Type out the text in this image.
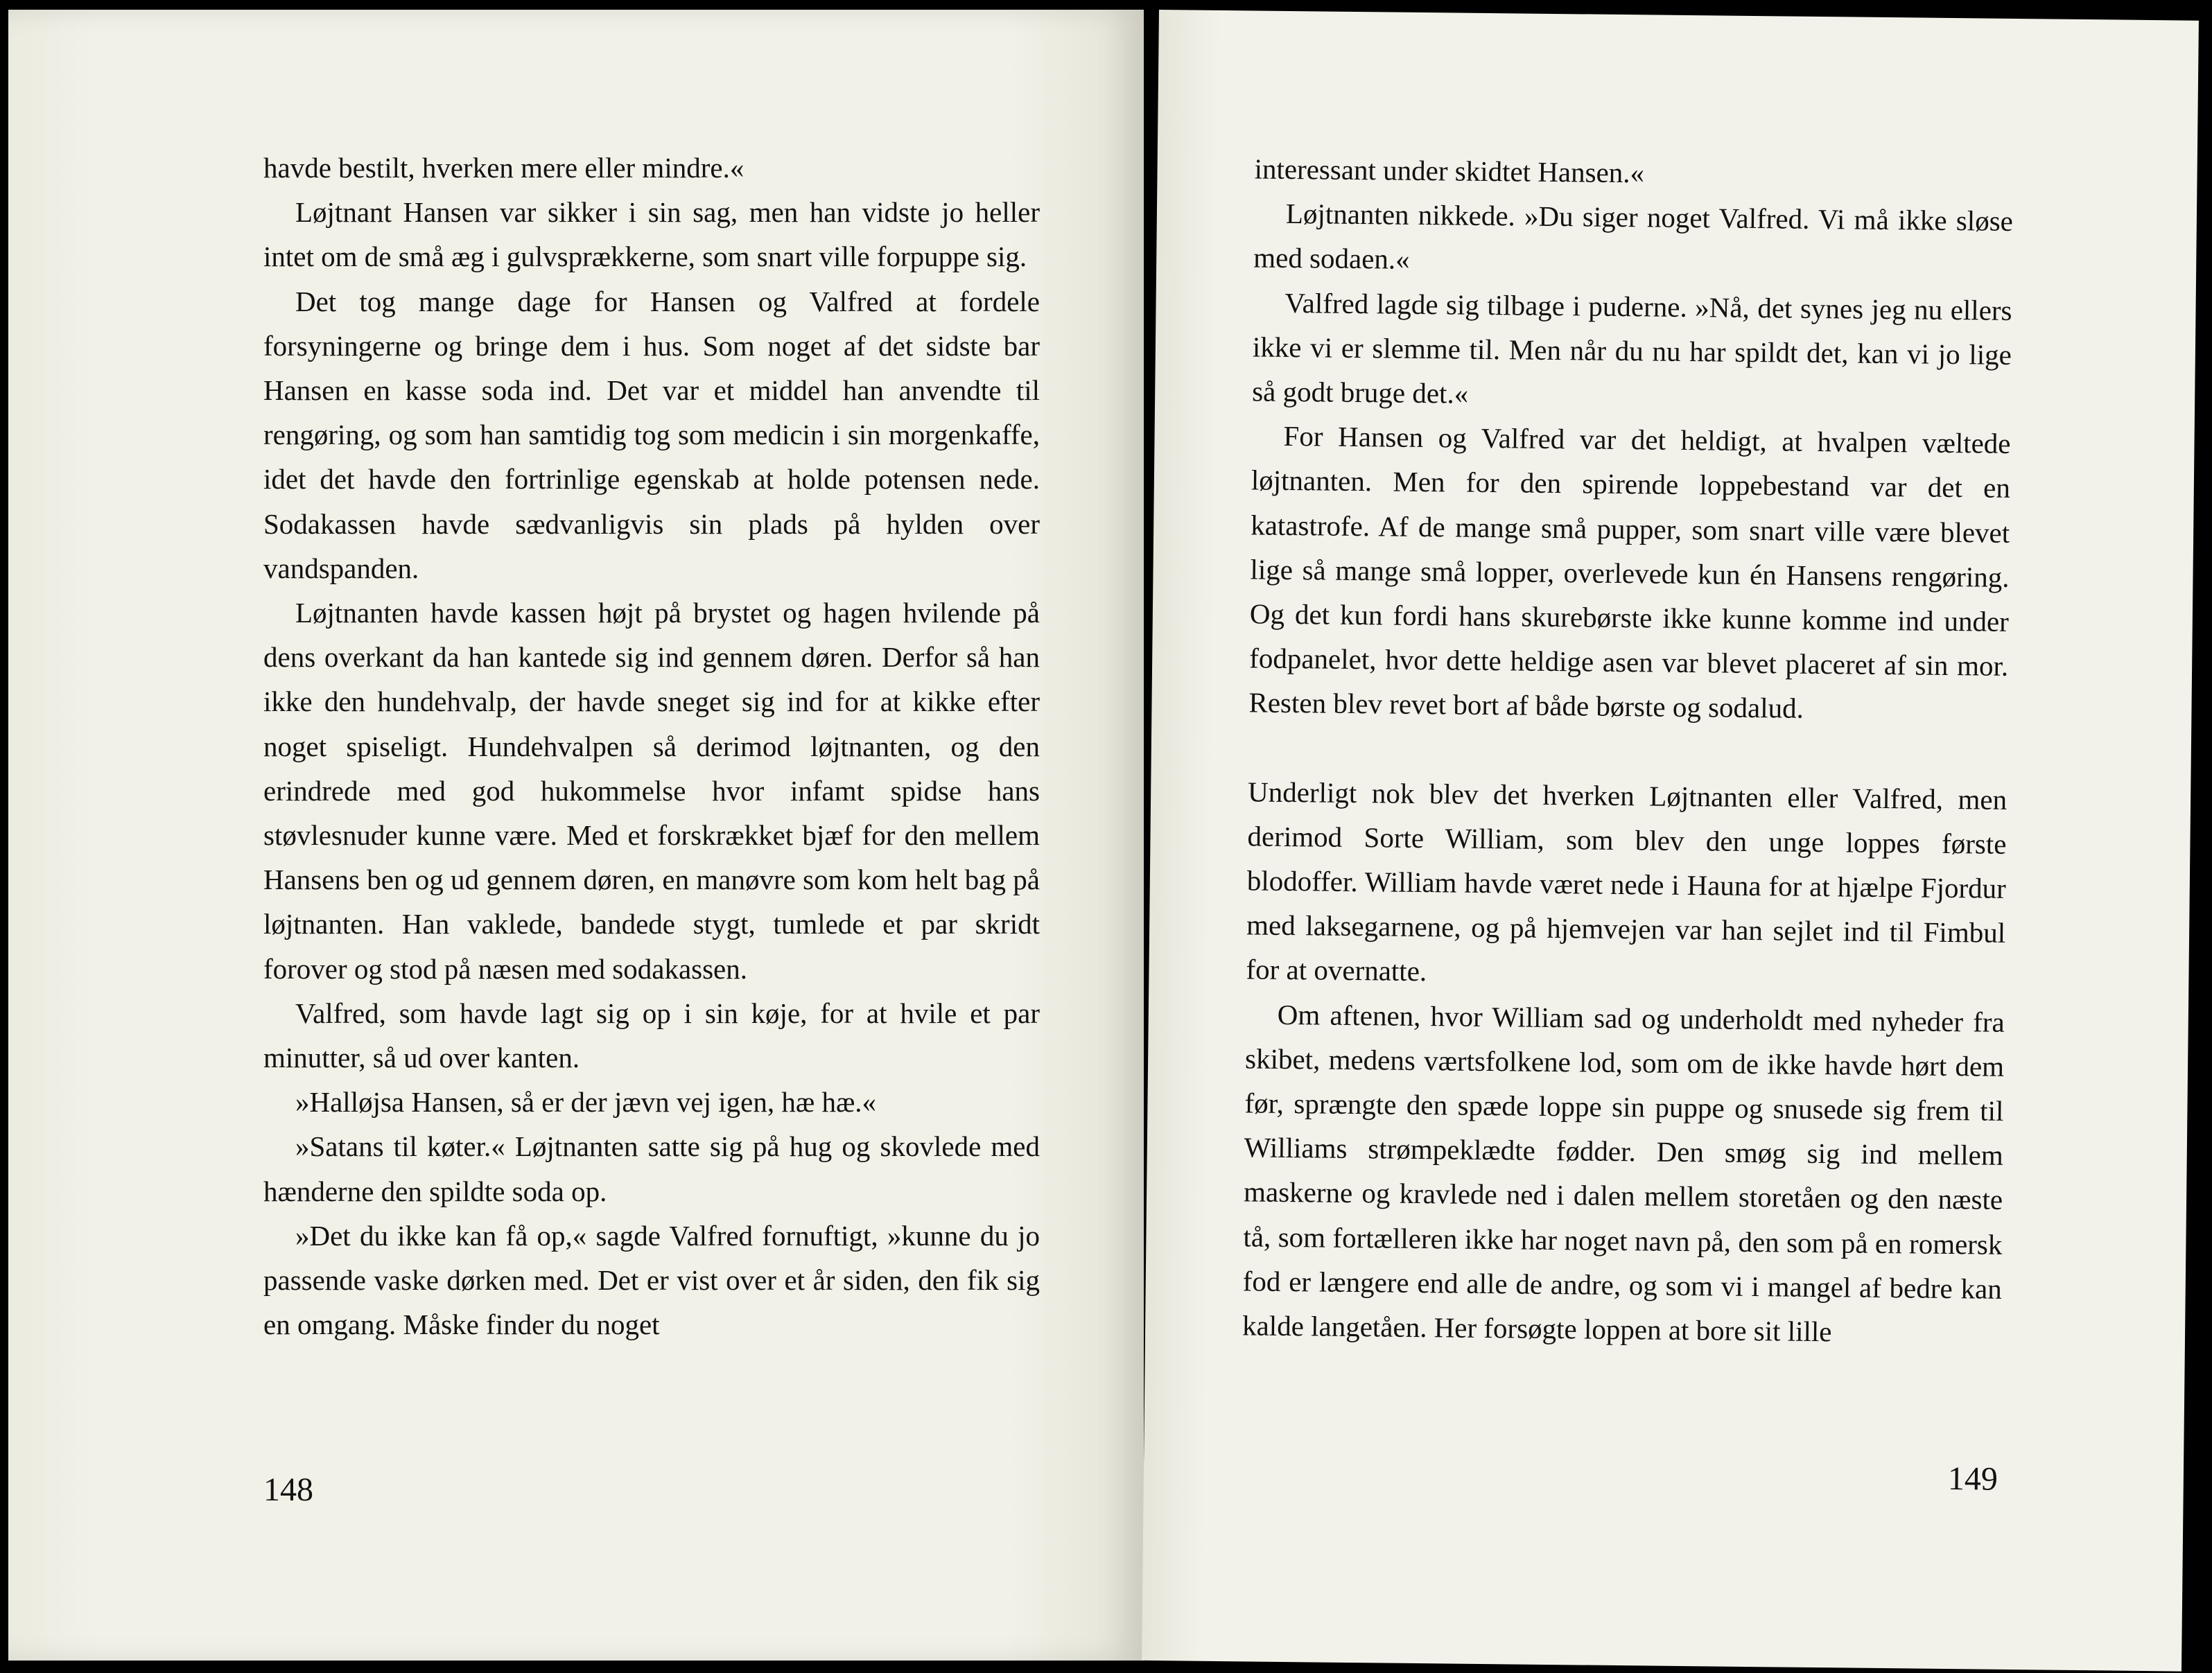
havde bestilt, hverken mere eller mindre.«

Løjtnant Hansen var sikker i sin sag, men han vidste jo heller intet om de små æg i gulvsprækkerne, som snart ville forpuppe sig.

Det tog mange dage for Hansen og Valfred at fordele forsyningerne og bringe dem i hus. Som noget af det sidste bar Hansen en kasse soda ind. Det var et middel han anvendte til rengøring, og som han samtidig tog som medicin i sin morgenkaffe, idet det havde den fortrinlige egenskab at holde potensen nede. Sodakassen havde sædvanligvis sin plads på hylden over vandspanden.

Løjtnanten havde kassen højt på brystet og hagen hvilende på dens overkant da han kantede sig ind gennem døren. Derfor så han ikke den hundehvalp, der havde sneget sig ind for at kikke efter noget spiseligt. Hundehvalpen så derimod løjtnanten, og den erindrede med god hukommelse hvor infamt spidse hans støvlesnuder kunne være. Med et forskrækket bjæf for den mellem Hansens ben og ud gennem døren, en manøvre som kom helt bag på løjtnanten. Han vaklede, bandede stygt, tumlede et par skridt forover og stod på næsen med sodakassen.

Valfred, som havde lagt sig op i sin køje, for at hvile et par minutter, så ud over kanten.

»Halløjsa Hansen, så er der jævn vej igen, hæ hæ.«

»Satans til køter.« Løjtnanten satte sig på hug og skovlede med hænderne den spildte soda op.

»Det du ikke kan få op,« sagde Valfred fornuftigt, »kunne du jo passende vaske dørken med. Det er vist over et år siden, den fik sig en omgang. Måske finder du noget

148

interessant under skidtet Hansen.«

Løjtnanten nikkede. »Du siger noget Valfred. Vi må ikke sløse med sodaen.«

Valfred lagde sig tilbage i puderne. »Nå, det synes jeg nu ellers ikke vi er slemme til. Men når du nu har spildt det, kan vi jo lige så godt bruge det.«

For Hansen og Valfred var det heldigt, at hvalpen væltede løjtnanten. Men for den spirende loppebestand var det en katastrofe. Af de mange små pupper, som snart ville være blevet lige så mange små lopper, overlevede kun én Hansens rengøring. Og det kun fordi hans skurebørste ikke kunne komme ind under fodpanelet, hvor dette heldige asen var blevet placeret af sin mor. Resten blev revet bort af både børste og sodalud.

Underligt nok blev det hverken Løjtnanten eller Valfred, men derimod Sorte William, som blev den unge loppes første blodoffer. William havde været nede i Hauna for at hjælpe Fjordur med laksegarnene, og på hjemvejen var han sejlet ind til Fimbul for at overnatte.

Om aftenen, hvor William sad og underholdt med nyheder fra skibet, medens værtsfolkene lod, som om de ikke havde hørt dem før, sprængte den spæde loppe sin puppe og snusede sig frem til Williams strømpeklædte fødder. Den smøg sig ind mellem maskerne og kravlede ned i dalen mellem storetåen og den næste tå, som fortælleren ikke har noget navn på, den som på en romersk fod er længere end alle de andre, og som vi i mangel af bedre kan kalde langetåen. Her forsøgte loppen at bore sit lille

149
